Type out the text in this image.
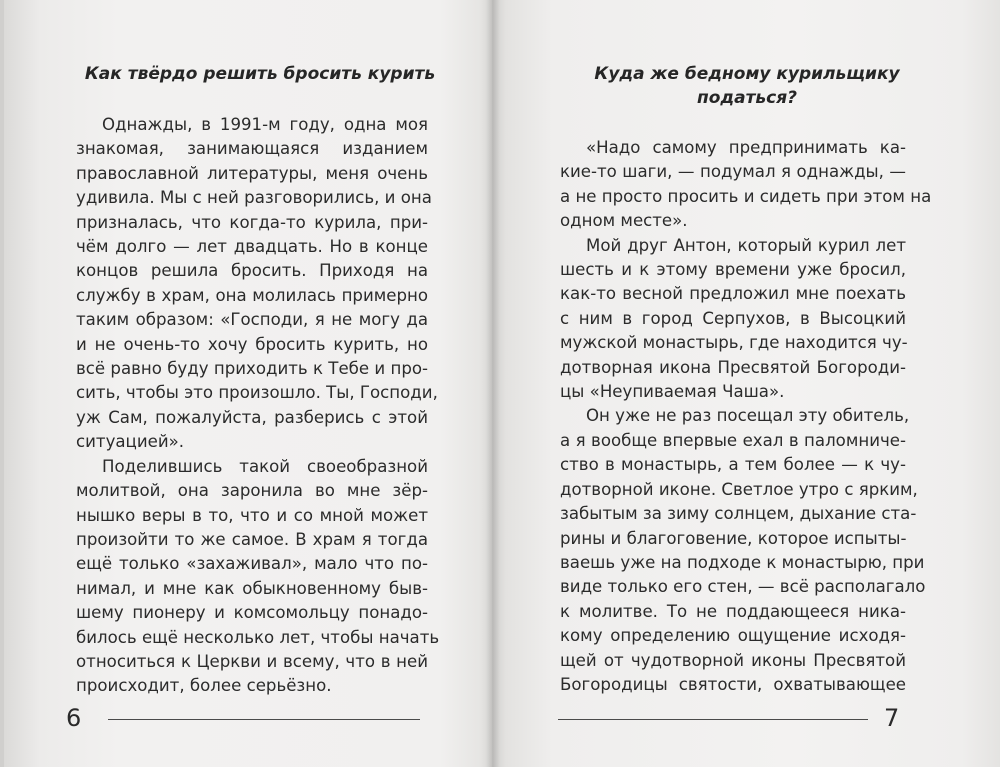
Как твёрдо решить бросить курить
Однажды, в 1991-м году, одна моя
знакомая, занимающаяся изданием
православной литературы, меня очень
удивила. Мы с ней разговорились, и она
призналась, что когда-то курила, при-
чём долго — лет двадцать. Но в конце
концов решила бросить. Приходя на
службу в храм, она молилась примерно
таким образом: «Господи, я не могу да
и не очень-то хочу бросить курить, но
всё равно буду приходить к Тебе и про-
сить, чтобы это произошло. Ты, Господи,
уж Сам, пожалуйста, разберись с этой
ситуацией».
Поделившись такой своеобразной
молитвой, она заронила во мне зёр-
нышко веры в то, что и со мной может
произойти то же самое. В храм я тогда
ещё только «захаживал», мало что по-
нимал, и мне как обыкновенному быв-
шему пионеру и комсомольцу понадо-
билось ещё несколько лет, чтобы начать
относиться к Церкви и всему, что в ней
происходит, более серьёзно.
6
Куда же бедному курильщику
податься?
«Надо самому предпринимать ка-
кие-то шаги, — подумал я однажды, —
а не просто просить и сидеть при этом на
одном месте».
Мой друг Антон, который курил лет
шесть и к этому времени уже бросил,
как-то весной предложил мне поехать
с ним в город Серпухов, в Высоцкий
мужской монастырь, где находится чу-
дотворная икона Пресвятой Богороди-
цы «Неупиваемая Чаша».
Он уже не раз посещал эту обитель,
а я вообще впервые ехал в паломниче-
ство в монастырь, а тем более — к чу-
дотворной иконе. Светлое утро с ярким,
забытым за зиму солнцем, дыхание ста-
рины и благоговение, которое испыты-
ваешь уже на подходе к монастырю, при
виде только его стен, — всё располагало
к молитве. То не поддающееся ника-
кому определению ощущение исходя-
щей от чудотворной иконы Пресвятой
Богородицы святости, охватывающее
7
